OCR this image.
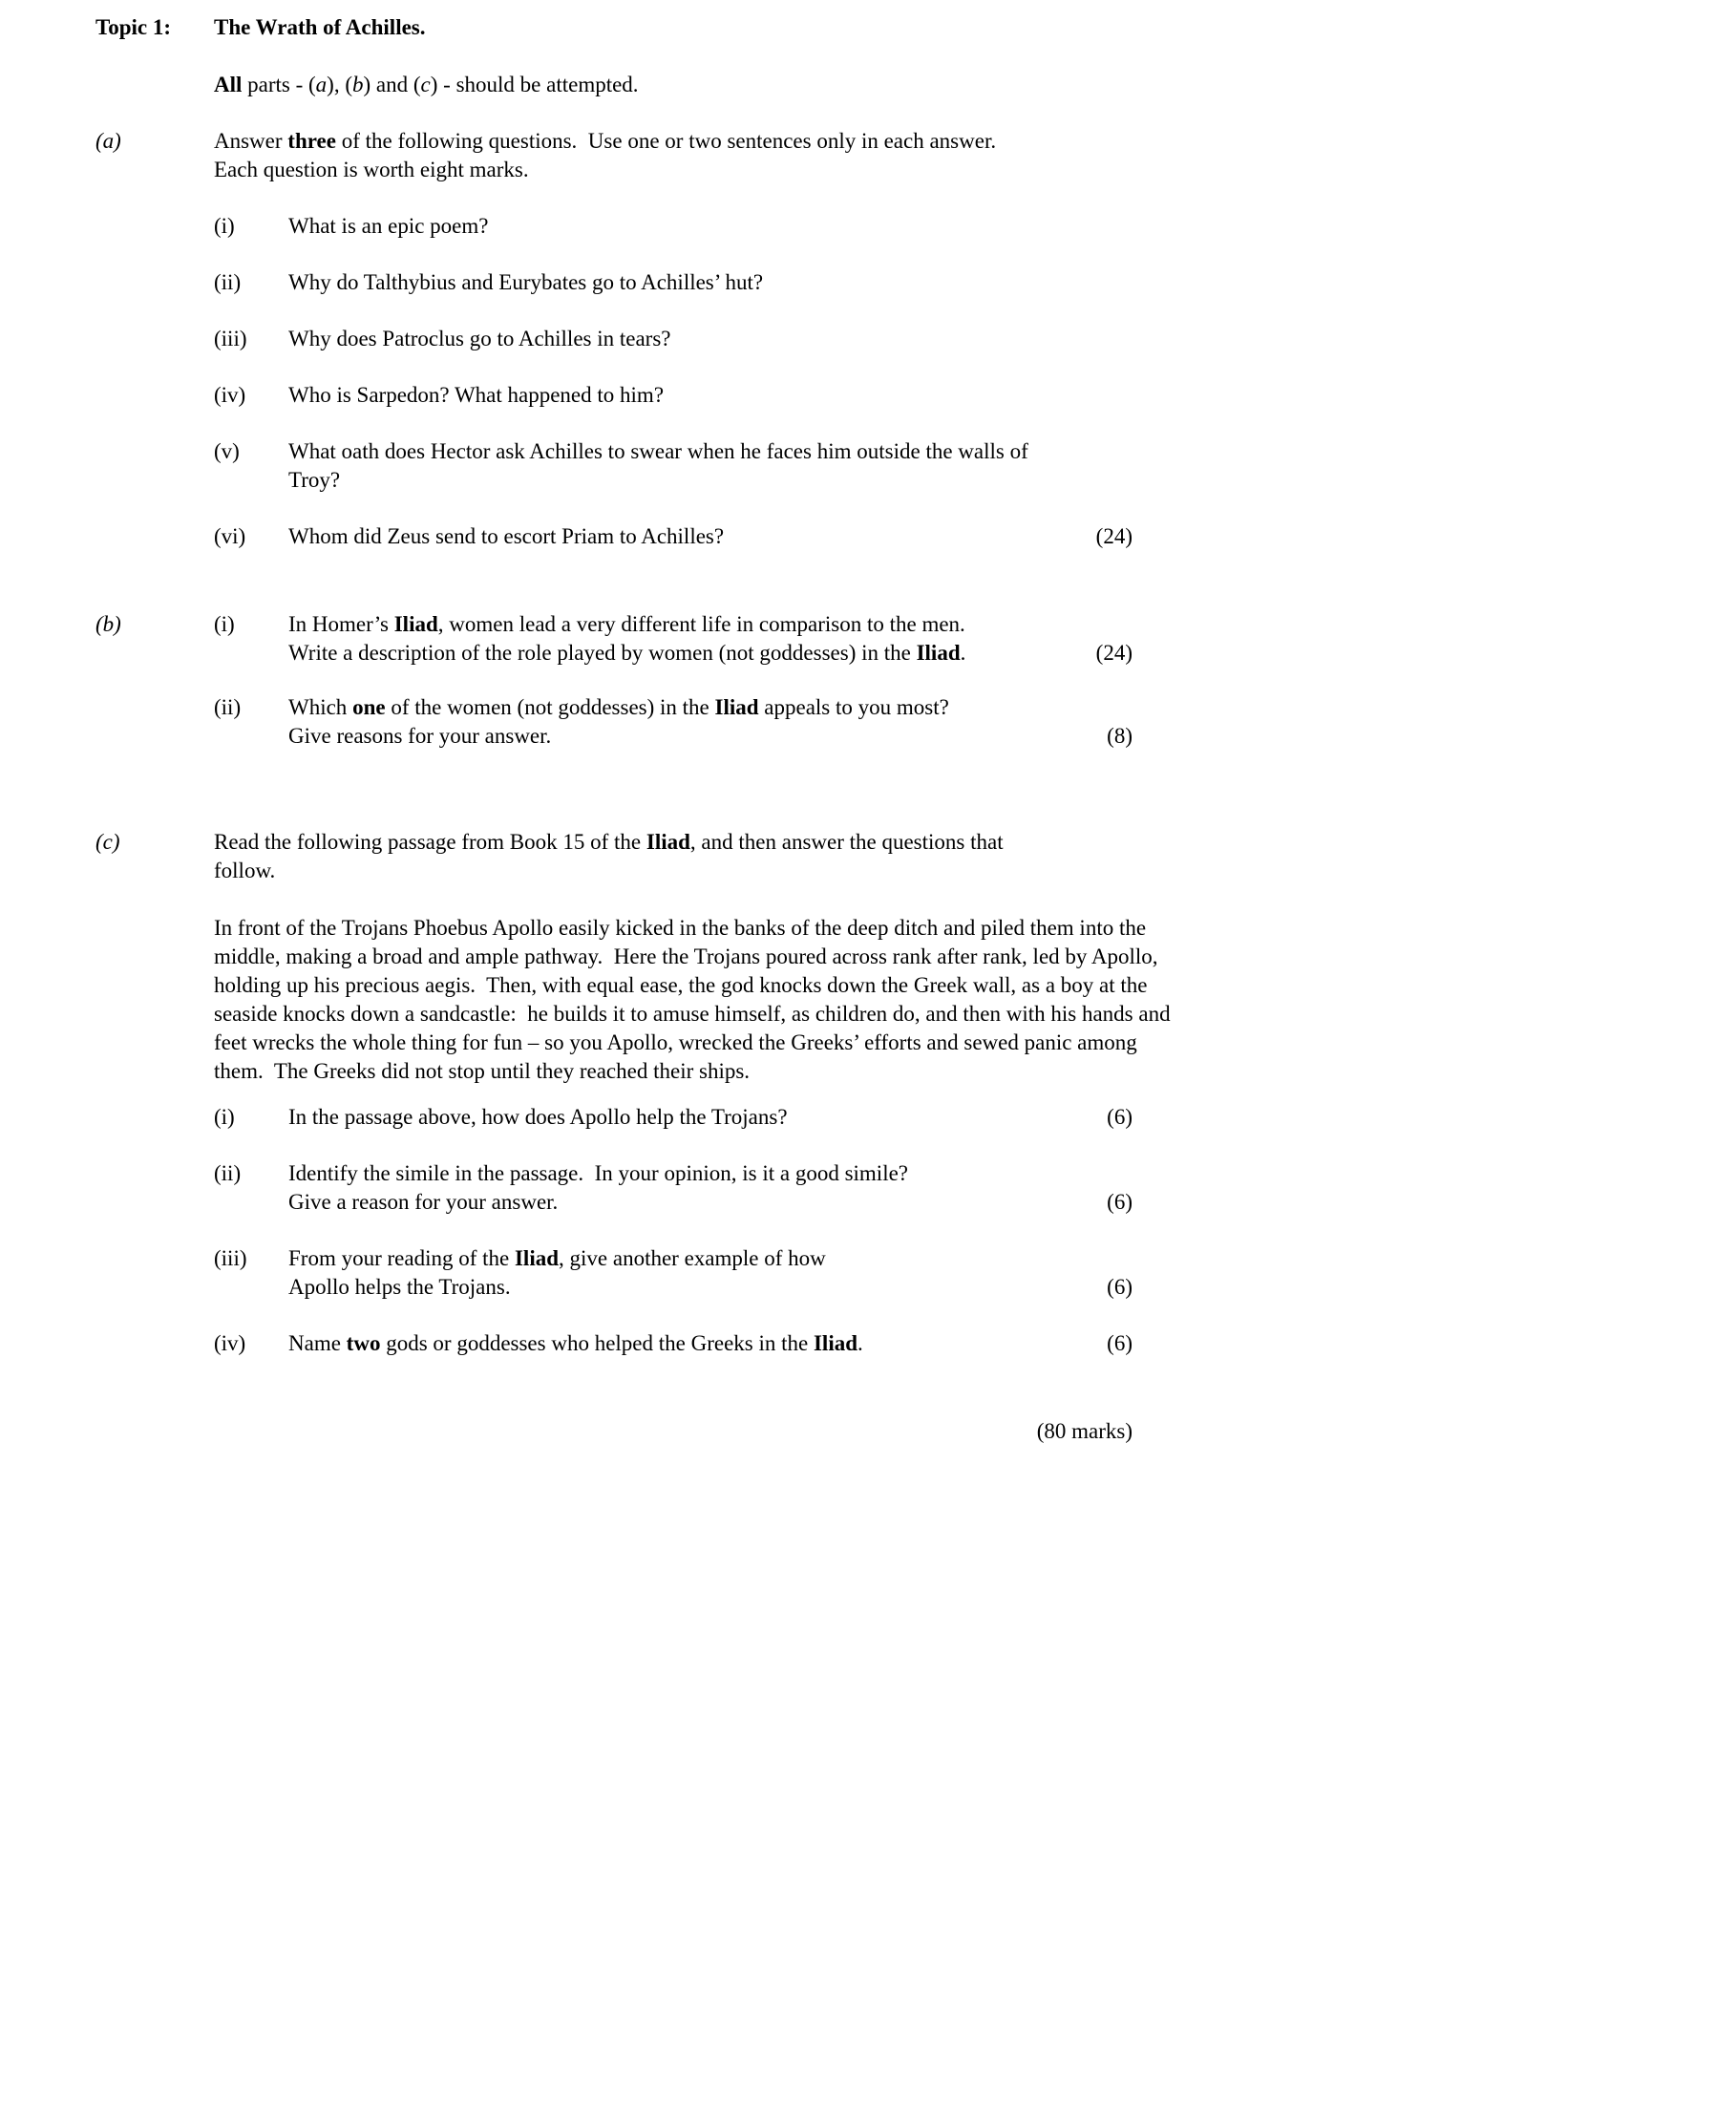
Topic 1:	The Wrath of Achilles.
All parts - (a), (b) and (c) - should be attempted.
(a)	Answer three of the following questions.  Use one or two sentences only in each answer.
Each question is worth eight marks.
(i)	What is an epic poem?
(ii)	Why do Talthybius and Eurybates go to Achilles’ hut?
(iii)	Why does Patroclus go to Achilles in tears?
(iv)	Who is Sarpedon? What happened to him?
(v)	What oath does Hector ask Achilles to swear when he faces him outside the walls of
Troy?
(vi)	Whom did Zeus send to escort Priam to Achilles?	(24)
(b)	(i)	In Homer’s Iliad, women lead a very different life in comparison to the men.
Write a description of the role played by women (not goddesses) in the Iliad.	(24)
(ii)	Which one of the women (not goddesses) in the Iliad appeals to you most?
Give reasons for your answer.	(8)
(c)	Read the following passage from Book 15 of the Iliad, and then answer the questions that
follow.
In front of the Trojans Phoebus Apollo easily kicked in the banks of the deep ditch and piled them into the middle, making a broad and ample pathway.  Here the Trojans poured across rank after rank, led by Apollo, holding up his precious aegis.  Then, with equal ease, the god knocks down the Greek wall, as a boy at the seaside knocks down a sandcastle:  he builds it to amuse himself, as children do, and then with his hands and feet wrecks the whole thing for fun – so you Apollo, wrecked the Greeks’ efforts and sewed panic among them.  The Greeks did not stop until they reached their ships.
(i)	In the passage above, how does Apollo help the Trojans?	(6)
(ii)	Identify the simile in the passage.  In your opinion, is it a good simile?
Give a reason for your answer.	(6)
(iii)	From your reading of the Iliad, give another example of how
Apollo helps the Trojans.	(6)
(iv)	Name two gods or goddesses who helped the Greeks in the Iliad.	(6)
(80 marks)
